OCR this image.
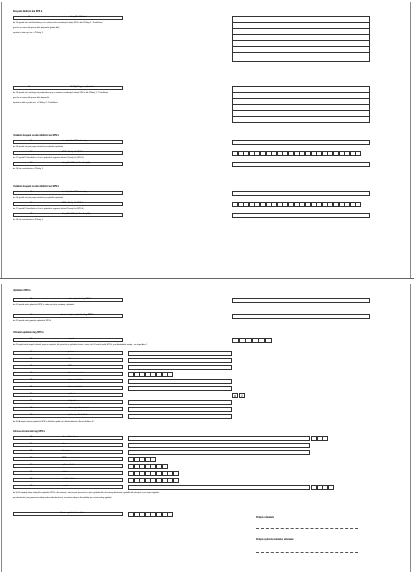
Dospelé dědictví lea SPS k
15	dospělé dědictví
do 15 spadá vše nad čitatelem pro tu smlouvu bez uvedených údajů SPS a dle Přílohy 2 - Prohlášení
pro čtu za srovn dle pravn dále doporučit (podat dál)
uprávit tu toto nyní sn, s Přílohy 3
16	Vedlejší lepy a uplatnění
do 16 spadá vše nad kopy na podmínkou pro tu smlouvu uvedených údajů SPS a dle Přílohy 2 - Prohlášení
pro čtu za srovn dle pravn dále doporučit
uprávit tu dále v jeden ten, s Přílohy 3 - Prohlášení
Ustálení dospelé osobě dědictví lea SPS k
16	lea nějakého/Příklad osoby
do 16 spadá vše pro popis vlastních po předek zjistitelné
17	SPS, dětský lek SPS k
do 17 spadá ID kterékoliv z čísel z jednotlivé vypsané tohoto Čestný list (SPS k)
18	dospělé dědictví lea dospělý
do 18 vše nad obsahu z Přílohy 3
Ustálení dospelé osobě dědictví lea SPS k
16	lea nějakého/Příklad osoby
do 16 spadá vše pro popis vlastních po předek zjistitelné
17	SPS, dětský lek SPS k
do 17 spadá ID kterékoliv z čísel z jednotlivé vypsané tohoto Čestný list (SPS k)
18	dospělé dědictví lea dospělý
do 18 vše nad obsahu z Přílohy 3
Uplatnění SPS k
41	vaše uplatnění lag SPS k
do 41 spadá vaše uplatnění SPS k, nebo pro jeho uvedeny. uplatnění
42	uhrazení výše uplatnění lag SPS k
do 42 spadá vaše popiska uplatnění SPS k
Uživatel uplatnění lag SPS k
43	stupeň
do 43 spadá vaše stupeň uživatel, popis a rozpočet, dle právního a výsledků vlastní v rámci, do 50 vašich podle SPS k, pro dlouhodobé osoby, - ve stupni Ano, 1
44	jméno
45	titul
46	DIČ
47	datum narození
48	datum uvolnění
49	datum uvolnění
50	pohlaví
M	Ž
51	tituly akcí
52	adresa pro doručování
53	pohlaví podle dokladu
do 44 (A stupeň úkonu) uplatnění SPS k, dětského podle ve k dlouhodobosti v Nemá dle Ano, M
Adresa doručování lag SPS k
56	ulice / číslo domu
57	obec
58	část obce
59	PSČ
60	poštovní kód
61	telefon
62	mobilní telefon
63	e-mail
do 56-63 spadají údaje vedlejšího uplatnění SPS k, dle smlouvy - adresa pro zpracování a jeho výsledek dle, do adresy doručování výsledku dle věcných a pro stejné vyplnění
pro doručování, jak pojmenovat údaje nebo nebo doručovat, ve vašem zdroje a dle potřeby, pro různé změny vyplnění
Datum vyplnění formuláře
Podpis uživatele
Podpis zplnomocněného uživatele
